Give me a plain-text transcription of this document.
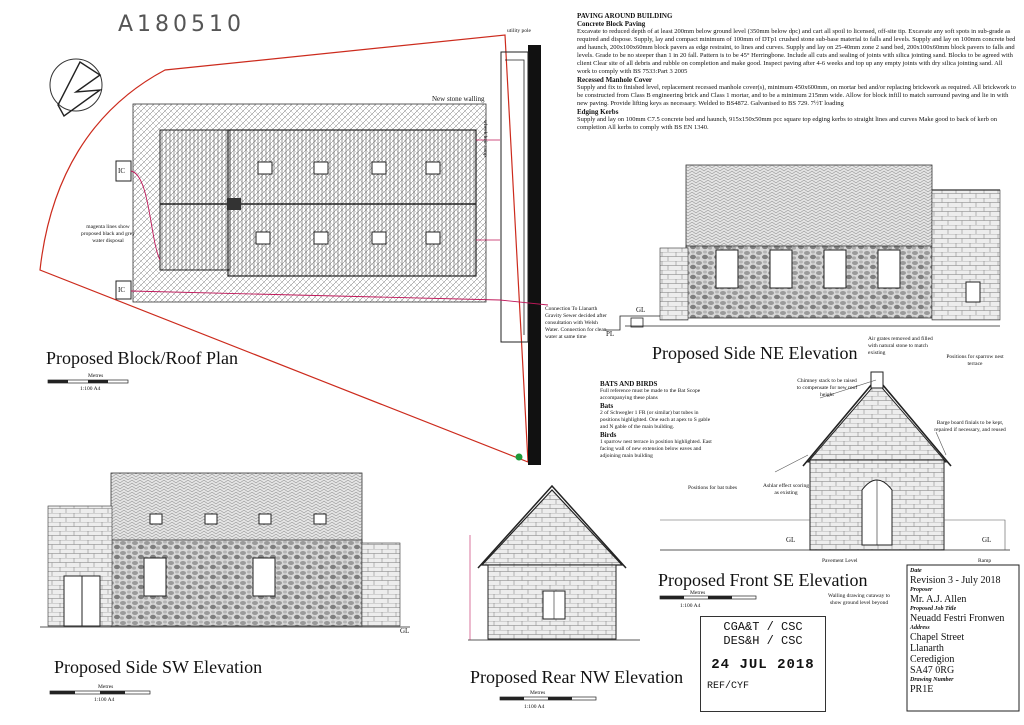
A180510	utility pole
New stone walling
wheelchair ramp
IC
IC
magenta lines show proposed black and grey water disposal
Connection To Llanarth Gravity Sewer decided after consultation with Welsh Water. Connection for clean water at same time
Proposed Block/Roof Plan
Metres
1:100 A4
PAVING AROUND BUILDING
Concrete Block Paving
Excavate to reduced depth of at least 200mm below ground level (350mm below dpc) and cart all spoil to licensed, off-site tip. Excavate any soft spots in sub-grade as required and dispose. Supply, lay and compact minimum of 100mm of DTp1 crushed stone sub-base material to falls and levels. Supply and lay on 100mm concrete bed and haunch, 200x100x60mm block pavers as edge restraint, to lines and curves. Supply and lay on 25-40mm zone 2 sand bed, 200x100x60mm block pavers to falls and levels. Grade to be no steeper than 1 in 20 fall. Pattern is to be 45° Herringbone. Include all cuts and sealing of joints with silica jointing sand. Blocks to be agreed with client Clear site of all debris and rubble on completion and make good. Inspect paving after 4-6 weeks and top up any empty joints with dry silica jointing sand. All work to comply with BS 7533:Part 3 2005
Recessed Manhole Cover
Supply and fix to finished level, replacement recessed manhole cover(s), minimum 450x600mm, on mortar bed and/or replacing brickwork as required. All brickwork to be constructed from Class B engineering brick and Class 1 mortar, and to be a minimum 215mm wide. Allow for block infill to match surround paving and lie in with new paving. Provide lifting keys as necessary. Welded to BS4872. Galvanised to BS 729. 7½T loading
Edging Kerbs
Supply and lay on 100mm C7.5 concrete bed and haunch, 915x150x50mm pcc square top edging kerbs to straight lines and curves Make good to back of kerb on completion All kerbs to comply with BS EN 1340.
PL
GL
Proposed Side NE Elevation
Air grates removed and filled with natural stone to match existing
Positions for sparrow nest terrace
BATS AND BIRDS
Full reference must be made to the Bat Scope accompanying these plans
Bats
2 of Schwegler 1 FR (or similar) bat tubes in positions highlighted. One each at apex to S gable and N gable of the main building.
Birds
1 sparrow nest terrace in position highlighted. East facing wall of new extension below eaves and adjoining main building
Chimney stack to be raised to compensate for new roof height
Barge board finials to be kept, repaired if necessary, and reused
Positions for bat tubes	Ashlar effect scoring as existing
GL	GL
Pavement Level	Ramp
Proposed Front SE Elevation
Metres
1:100 A4
Walling drawing cutaway to show ground level beyond
GL
Proposed Side SW Elevation
Metres
1:100 A4
Proposed Rear NW Elevation
Metres
1:100 A4
CGA&T / CSC
DES&H / CSC
24 JUL 2018
REF/CYF
Date
Revision 3 - July 2018
Proposer
Mr. A.J. Allen
Proposed Job Title
Neuadd Festri Fronwen
Address
Chapel Street
Llanarth
Ceredigion
SA47 0RG
Drawing Number
PR1E
